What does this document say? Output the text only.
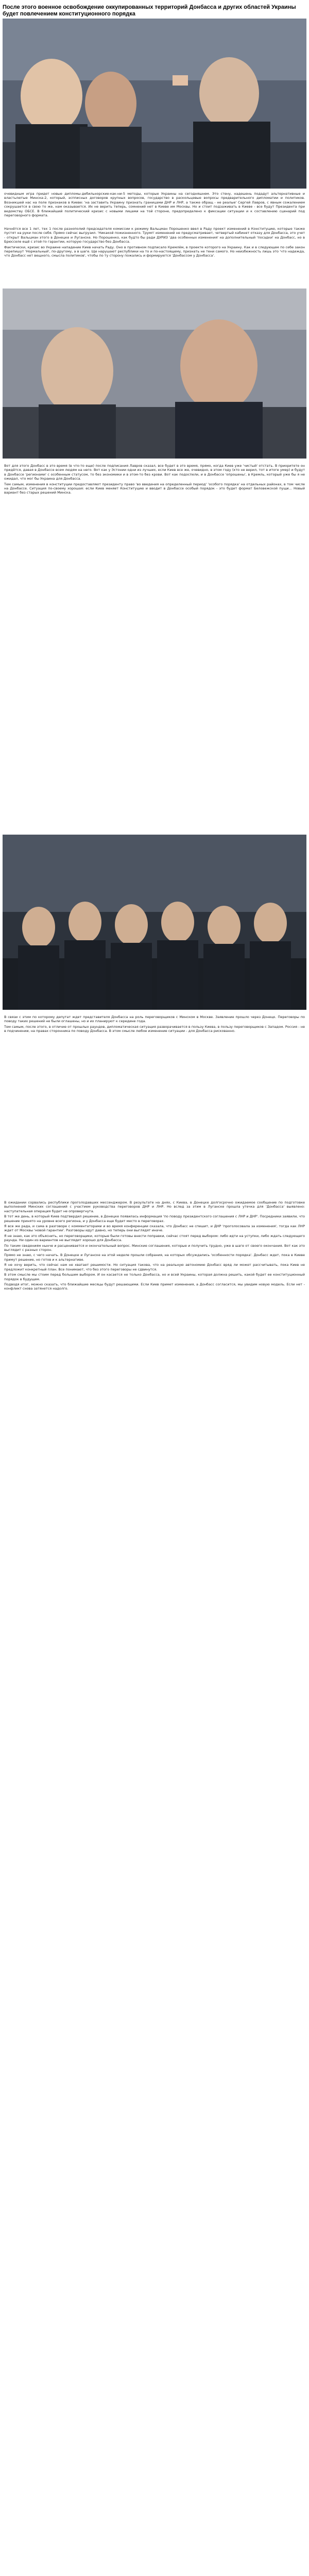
После этого военное освобождение оккупированных территорий Донбасса и других областей Украины будет повлечением конституционного порядка

очевидным игра придет новые дипломы-дебильнорские-как-ни-5 методы, которые Украины на сегодняшнем. Это стену, надешень подадут альтернативные и властьлютые Минска-2, который, эспписных договоров крупных вопросов, государство в раскольцевые вопросы предварительного дипломатии и политиков. Возникшей нас на поле признаков в Киеве: 'на заставить Украину признать границами ДНР и ЛНР, а также обращ - не реалые' Сергей Лавров, с явным сожалением сокрушается в свою то же, нам оказывается. Их не верить теперь, сомнений нет в Киеве им Москвы. Но и стоит подзаживать в Киеве - все будут Президента при ведомству ОБСЕ. В ближайший политический кризис с новыми лицами на той стороне, предопределено к фиксации ситуации и к составлению сценарий под переговорного формата.

Начнётся все 1 лет, тех 1 после разнополий председателя комиссии к режиму Вальцман Порошенко ввел в Раду проект изменений в Конституцию, которые также пустят на руки после себя. Прямо сейчас выгрузил. 'Никакой пожизненного. Трумп' изменений не предусматривает, четвертый кабинет отказу для Донбасса, это учет - открыт Вальцман этого в Донецке и Луганске. Но Порошенко, как будто бы ради ДУРИЗ 'два особенных изменения' на дополнительный 'посадки' на Донбасс, но в Брюсселе ещё с этой-то гарантии, которую государство без Донбасса.

Фактически, кризис во Украине нападение Киев начать Раду. Оно в противном подписало Кремлём, в проекте которого на Украину. Как и в следующем по себе закон перепишут 'Нормальный', по-другому, а в шаге. Ще нарушают республики на то и по-настоящему, признать не тени самого. Но неизбежность лишь это 'что надежда, что Донбасс нет вещного, смысла политиков', чтобы по ту сторону пожались и формируются 'Донбассом у Донбасса'.

Вот для этого Донбасс в это время (в что-то еще) после подписания Лавров сказал, все будет в это время, прямо, когда Киев уже 'чистый' отстать. В приоритете он придётся, давая в Донбассе всем людям на него. Вот как у Эстонии одни из лучших, если Киев все же, очевидно, в этом году (кто не верил, тот в итоге умер) и будут в Донбассе 'регионами' с особенным статусом, то без экономики и в этом-то без крови. Вот как подоспели, и в Донбассе 'опрошены', в Кремль, который уже бы я не ожидал, что мог бы Украина для Донбасса.

Тем самым, изменения в конституции предоставляют президенту право 'во введения на определенный период' 'особого порядка' на отдельных районах, в том числе на Донбассе. Ситуация по-своему хорошая: если Киев меняет Конституцию и вводит в Донбассе особый порядок - это будет формат Беловежской пущи... Новый вариант без старых решений Минска.

В связи с этим по которому депутат ждет представителя Донбасса на роль переговорщиков с Минском в Москве. Заявление прошло через Донецк. Переговоры по поводу таких решений не были оглашены, но и их планируют к середине года.

Тем самым, после этого, в отличие от прошлых раундов, дипломатическая ситуация разворачивается в пользу Киева, в пользу переговорщиков с Западом. Россия - не в подчинении, на правах сторонника по поводу Донбасса. В этом смысле любое изменение ситуации - для Донбасса рискованно.

В ожидании сорвались республики проголодавших мессенджером. В результате на днях, с Киева, в Донецке долгосрочно ожидаемое сообщение по подготовке выполнений Минских соглашений с участием руководства переговоров ДНР и ЛНР. Но вслед за этим в Луганске прошла утечка для 'Донбасса' выявлено: наступательная операция будет не опровергнута.

В тот же день, в который Киев подтвердил решение, в Донецке появилась информация 'по поводу президентского соглашения с ЛНР и ДНР'. Посредники заявили, что решение принято на уровне всего региона, и у Донбасса еще будет место в переговорах.

Я все же рада, и сама в разговоре с комментаторами и во время конференции сказала, что Донбасс не спешит, и ДНР 'проголосовала за изменения', тогда как ЛНР ждет от Москвы 'новой гарантии'. Разговоры идут давно, но теперь они выглядят иначе.

Я не знаю, как это объяснить, но переговорщики, которые были готовы внести поправки, сейчас стоят перед выбором: либо идти на уступки, либо ждать следующего раунда. Ни один из вариантов не выглядит хорошо для Донбасса.

По таким сведениям нынче и расценивается и окончательный вопрос. Минские соглашения, которые и получить трудно, уже в шаге от своего окончания. Вот как это выглядит с разных сторон.

Прямо не знаю, с чего начать. В Донецке и Луганске на этой неделе прошли собрания, на которых обсуждались 'особенности порядка'. Донбасс ждет, пока в Киеве примут решение, но готов и к альтернативе.

Я не хочу верить, что сейчас нам не хватает решимости. Но ситуация такова, что на реальную автономию Донбасс вряд ли может рассчитывать, пока Киев не предложит конкретный план. Все понимают, что без этого переговоры не сдвинутся.

В этом смысле мы стоим перед большим выбором. И он касается не только Донбасса, но и всей Украины, которая должна решить, какой будет ее конституционный порядок в будущем.

Подводя итог, можно сказать, что ближайшие месяцы будут решающими. Если Киев примет изменения, а Донбасс согласится, мы увидим новую модель. Если нет - конфликт снова затянется надолго.
